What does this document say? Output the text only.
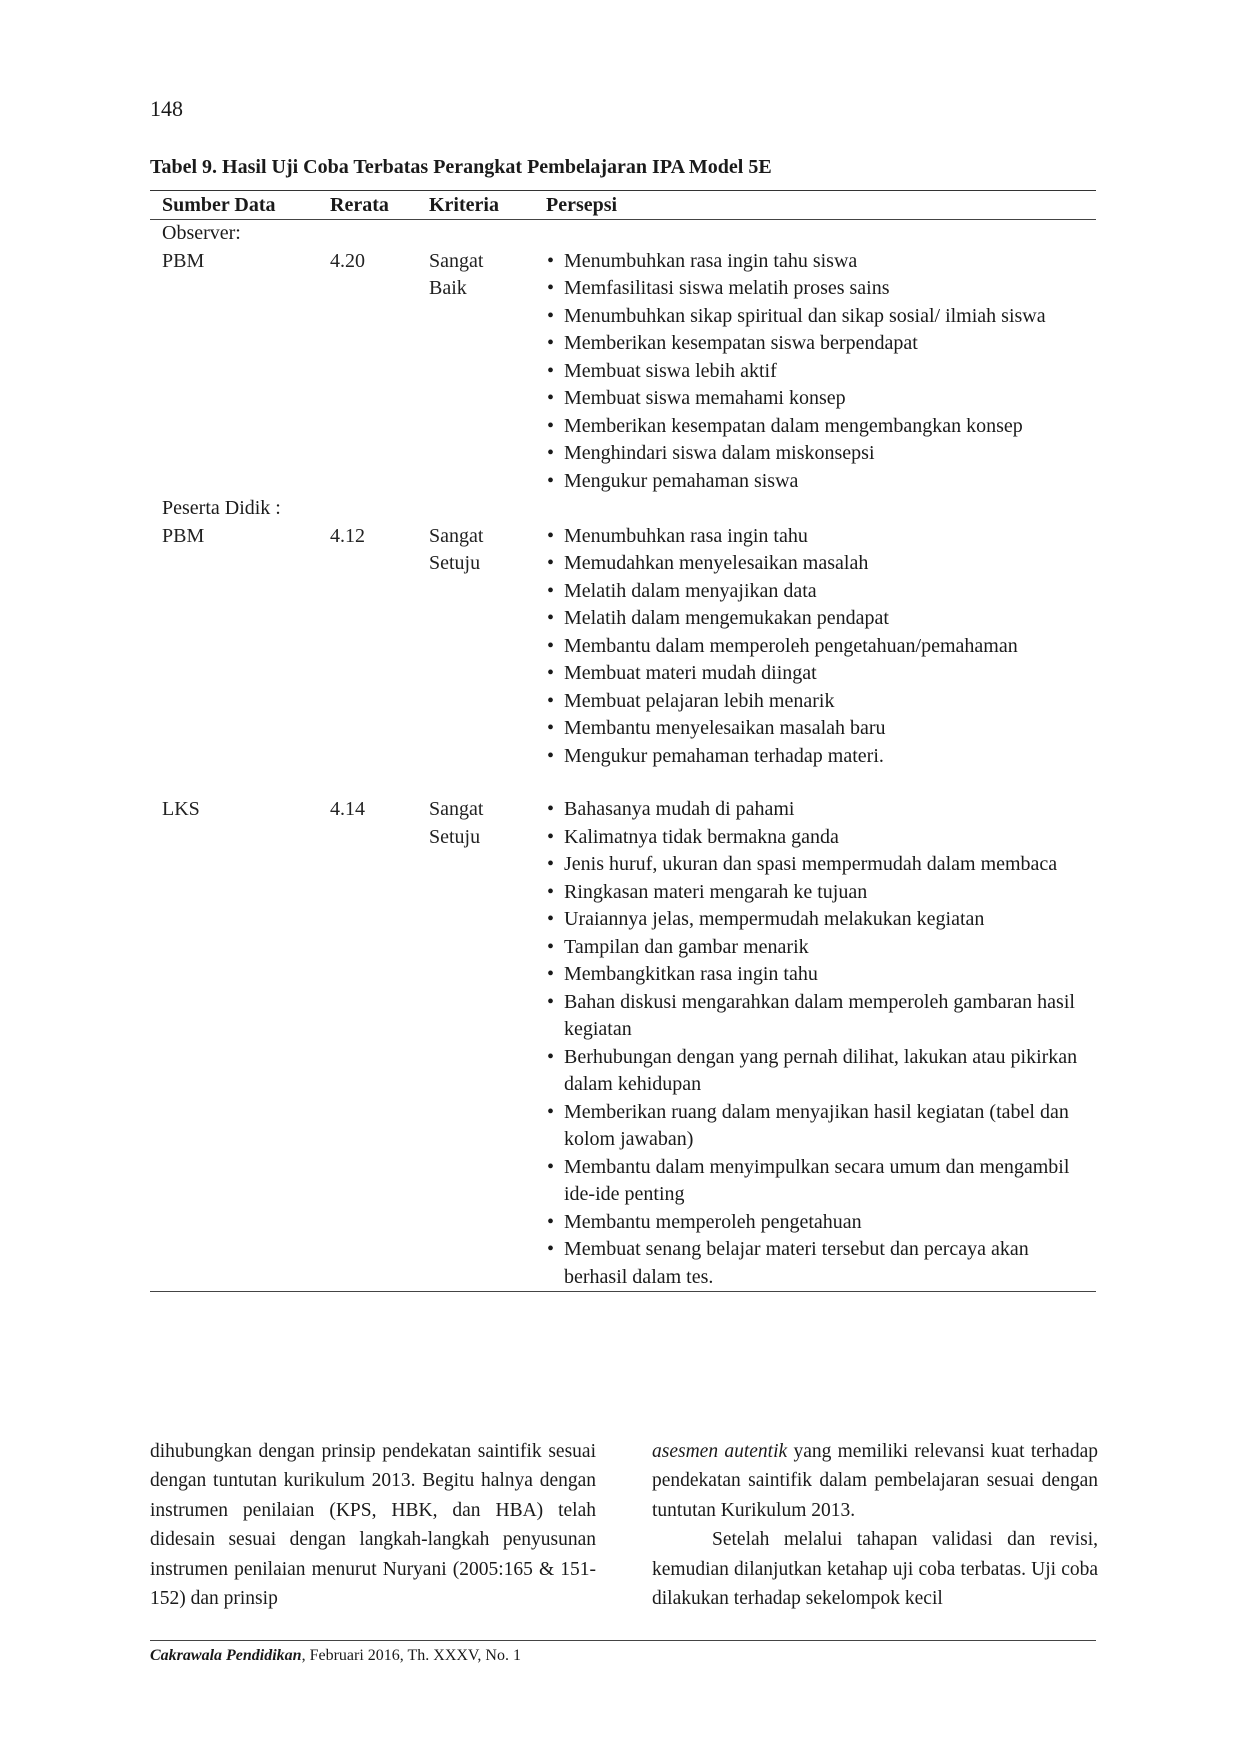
148
Tabel 9. Hasil Uji Coba Terbatas Perangkat Pembelajaran IPA Model 5E
Sumber Data	Rerata	Kriteria	Persepsi
Observer:
PBM	4.20	Sangat
Baik
• Menumbuhkan rasa ingin tahu siswa
• Memfasilitasi siswa melatih proses sains
• Menumbuhkan sikap spiritual dan sikap sosial/ ilmiah siswa
• Memberikan kesempatan siswa berpendapat
• Membuat siswa lebih aktif
• Membuat siswa memahami konsep
• Memberikan kesempatan dalam mengembangkan konsep
• Menghindari siswa dalam miskonsepsi
• Mengukur pemahaman siswa
Peserta Didik :
PBM	4.12	Sangat
Setuju
• Menumbuhkan rasa ingin tahu
• Memudahkan menyelesaikan masalah
• Melatih dalam menyajikan data
• Melatih dalam mengemukakan pendapat
• Membantu dalam memperoleh pengetahuan/pemahaman
• Membuat materi mudah diingat
• Membuat pelajaran lebih menarik
• Membantu menyelesaikan masalah baru
• Mengukur pemahaman terhadap materi.
LKS	4.14	Sangat
Setuju
• Bahasanya mudah di pahami
• Kalimatnya tidak bermakna ganda
• Jenis huruf, ukuran dan spasi mempermudah dalam membaca
• Ringkasan materi mengarah ke tujuan
• Uraiannya jelas, mempermudah melakukan kegiatan
• Tampilan dan gambar menarik
• Membangkitkan rasa ingin tahu
• Bahan diskusi mengarahkan dalam memperoleh gambaran hasil kegiatan
• Berhubungan dengan yang pernah dilihat, lakukan atau pikirkan dalam kehidupan
• Memberikan ruang dalam menyajikan hasil kegiatan (tabel dan kolom jawaban)
• Membantu dalam menyimpulkan secara umum dan mengambil ide-ide penting
• Membantu memperoleh pengetahuan
• Membuat senang belajar materi tersebut dan percaya akan berhasil dalam tes.

dihubungkan dengan prinsip pendekatan saintifik sesuai dengan tuntutan kurikulum 2013. Begitu halnya dengan instrumen penilaian (KPS, HBK, dan HBA) telah didesain sesuai dengan langkah-langkah penyusunan instrumen penilaian menurut Nuryani (2005:165 & 151-152) dan prinsip

asesmen autentik yang memiliki relevansi kuat terhadap pendekatan saintifik dalam pembelajaran sesuai dengan tuntutan Kurikulum 2013.

Setelah melalui tahapan validasi dan revisi, kemudian dilanjutkan ketahap uji coba terbatas. Uji coba dilakukan terhadap sekelompok kecil

Cakrawala Pendidikan, Februari 2016, Th. XXXV, No. 1
